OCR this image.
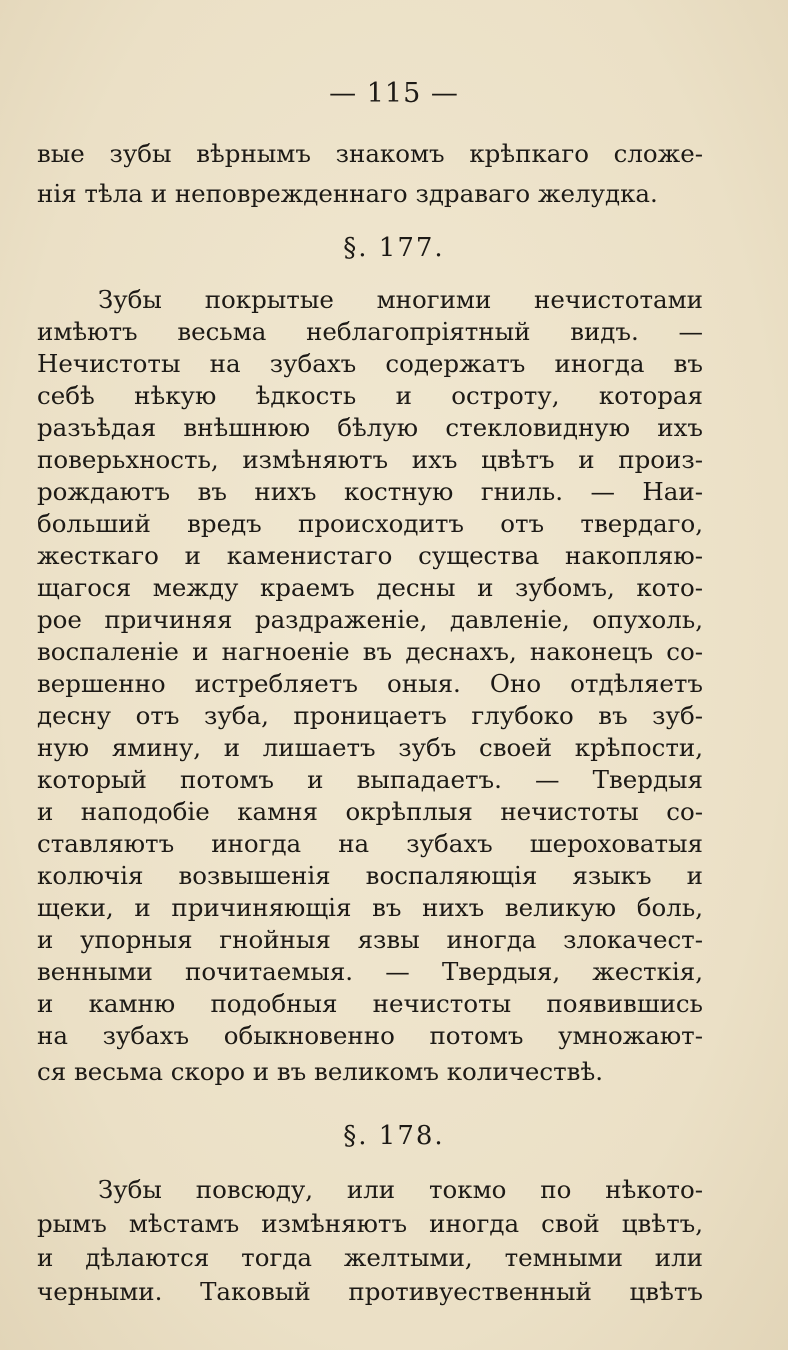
— 115 —
вые зубы вѣрнымъ знакомъ крѣпкаго сложе-
нія тѣла и неповрежденнаго здраваго желудка.
§. 177.
Зубы покрытые многими нечистотами
имѣютъ весьма неблагопріятный видъ. —
Нечистоты на зубахъ содержатъ иногда въ
себѣ нѣкую ѣдкость и остроту, которая
разъѣдая внѣшнюю бѣлую стекловидную ихъ
поверьхность, измѣняютъ ихъ цвѣтъ и произ-
рождаютъ въ нихъ костную гниль. — Наи-
больший вредъ происходитъ отъ твердаго,
жесткаго и каменистаго существа накопляю-
щагося между краемъ десны и зубомъ, кото-
рое причиняя раздраженіе, давленіе, опухоль,
воспаленіе и нагноеніе въ деснахъ, наконецъ со-
вершенно истребляетъ оныя. Оно отдѣляетъ
десну отъ зуба, проницаетъ глубоко въ зуб-
ную ямину, и лишаетъ зубъ своей крѣпости,
который потомъ и выпадаетъ. — Твердыя
и наподобіе камня окрѣплыя нечистоты со-
ставляютъ иногда на зубахъ шероховатыя
колючія возвышенія воспаляющія языкъ и
щеки, и причиняющія въ нихъ великую боль,
и упорныя гнойныя язвы иногда злокачест-
венными почитаемыя. — Твердыя, жесткія,
и камню подобныя нечистоты появившись
на зубахъ обыкновенно потомъ умножают-
ся весьма скоро и въ великомъ количествѣ.
§. 178.
Зубы повсюду, или токмо по нѣкото-
рымъ мѣстамъ измѣняютъ иногда свой цвѣтъ,
и дѣлаются тогда желтыми, темными или
черными. Таковый противуественный цвѣтъ
